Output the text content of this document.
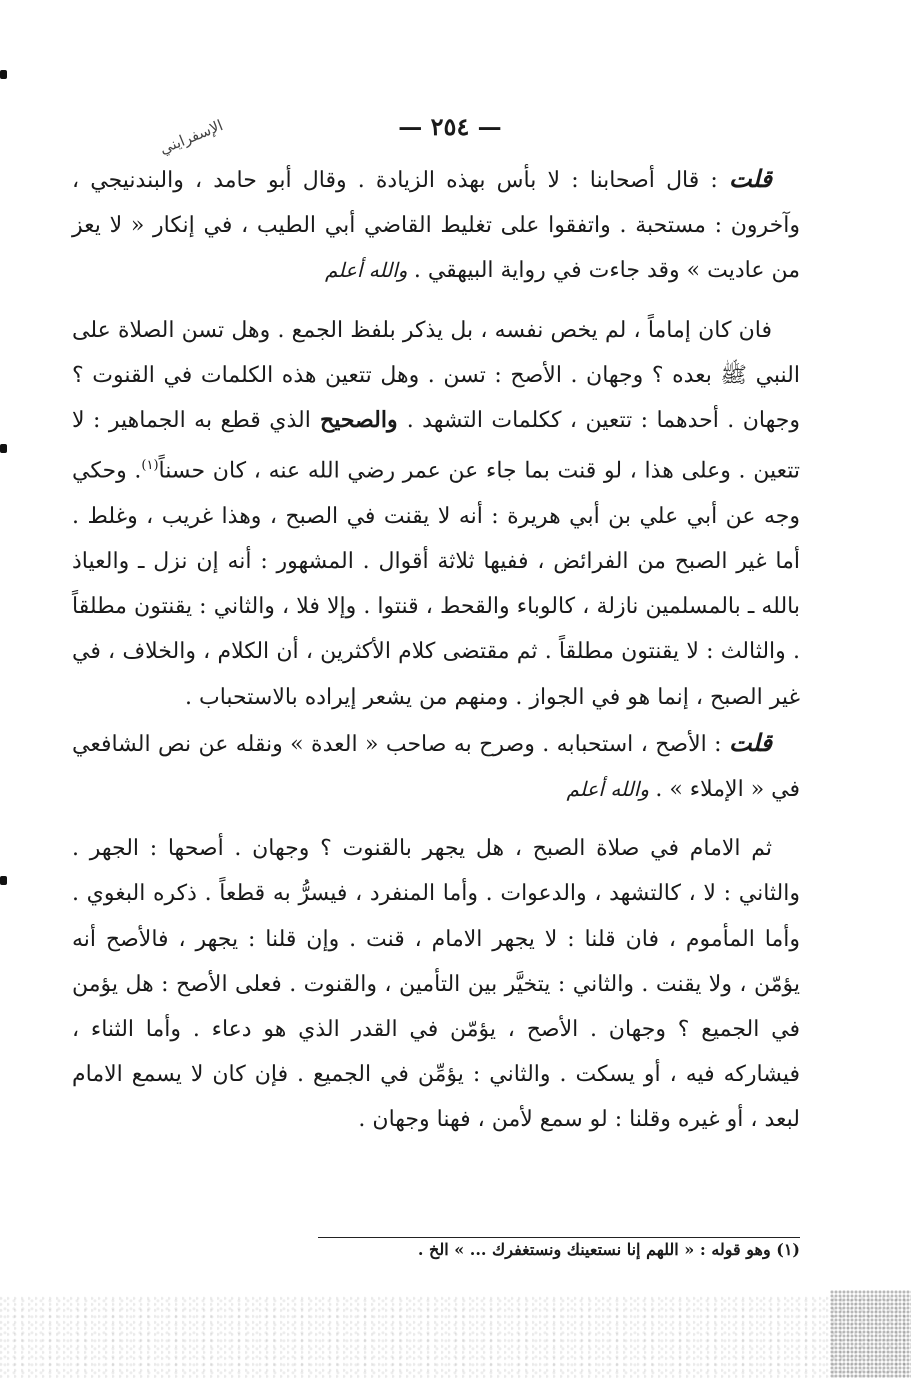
— ٢٥٤ —
الإسفرايني

قلت : قال أصحابنا : لا بأس بهذه الزيادة . وقال أبو حامد ، والبندنيجي ، وآخرون : مستحبة . واتفقوا على تغليط القاضي أبي الطيب ، في إنكار « لا يعز من عاديت » وقد جاءت في رواية البيهقي . والله أعلم

فان كان إماماً ، لم يخص نفسه ، بل يذكر بلفظ الجمع . وهل تسن الصلاة على النبي ﷺ بعده ؟ وجهان . الأصح : تسن . وهل تتعين هذه الكلمات في القنوت ؟ وجهان . أحدهما : تتعين ، ككلمات التشهد . والصحيح الذي قطع به الجماهير : لا تتعين . وعلى هذا ، لو قنت بما جاء عن عمر رضي الله عنه ، كان حسناً$^{(١)}$. وحكي وجه عن أبي علي بن أبي هريرة : أنه لا يقنت في الصبح ، وهذا غريب ، وغلط . أما غير الصبح من الفرائض ، ففيها ثلاثة أقوال . المشهور : أنه إن نزل ـ والعياذ بالله ـ بالمسلمين نازلة ، كالوباء والقحط ، قنتوا . وإلا فلا ، والثاني : يقنتون مطلقاً . والثالث : لا يقنتون مطلقاً . ثم مقتضى كلام الأكثرين ، أن الكلام ، والخلاف ، في غير الصبح ، إنما هو في الجواز . ومنهم من يشعر إيراده بالاستحباب .

قلت : الأصح ، استحبابه . وصرح به صاحب « العدة » ونقله عن نص الشافعي في « الإملاء » . والله أعلم

ثم الامام في صلاة الصبح ، هل يجهر بالقنوت ؟ وجهان . أصحها : الجهر . والثاني : لا ، كالتشهد ، والدعوات . وأما المنفرد ، فيسرُّ به قطعاً . ذكره البغوي . وأما المأموم ، فان قلنا : لا يجهر الامام ، قنت . وإن قلنا : يجهر ، فالأصح أنه يؤمّن ، ولا يقنت . والثاني : يتخيَّر بين التأمين ، والقنوت . فعلى الأصح : هل يؤمن في الجميع ؟ وجهان . الأصح ، يؤمّن في القدر الذي هو دعاء . وأما الثناء ، فيشاركه فيه ، أو يسكت . والثاني : يؤمِّن في الجميع . فإن كان لا يسمع الامام لبعد ، أو غيره وقلنا : لو سمع لأمن ، فهنا وجهان .

(١) وهو قوله : « اللهم إنا نستعينك ونستغفرك ... » الخ .
